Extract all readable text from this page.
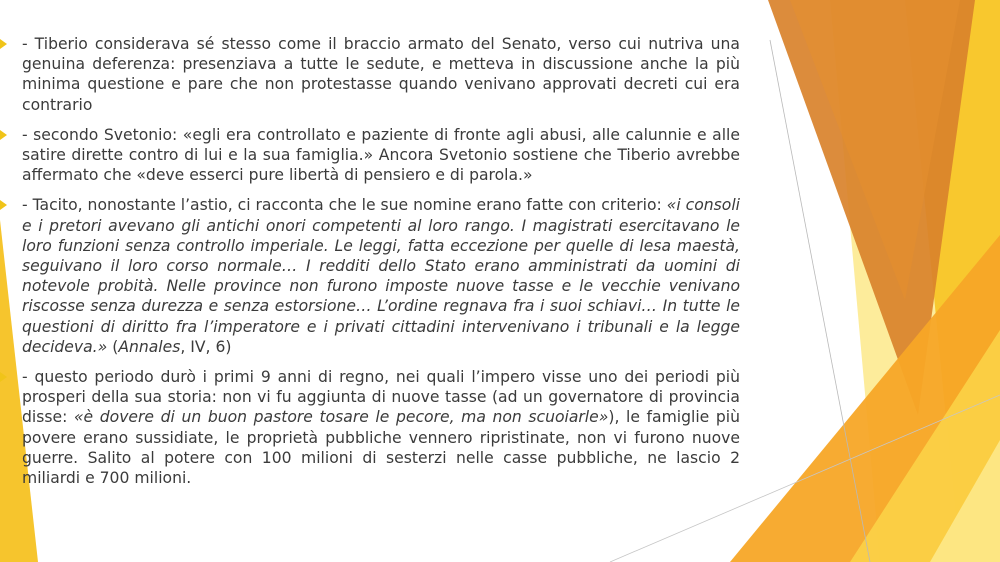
- Tiberio considerava sé stesso come il braccio armato del Senato, verso cui nutriva una genuina deferenza: presenziava a tutte le sedute, e metteva in discussione anche la più minima questione e pare che non protestasse quando venivano approvati decreti cui era contrario

- secondo Svetonio: «egli era controllato e paziente di fronte agli abusi, alle calunnie e alle satire dirette contro di lui e la sua famiglia.» Ancora Svetonio sostiene che Tiberio avrebbe affermato che «deve esserci pure libertà di pensiero e di parola.»

- Tacito, nonostante l’astio, ci racconta che le sue nomine erano fatte con criterio: «i consoli e i pretori avevano gli antichi onori competenti al loro rango. I magistrati esercitavano le loro funzioni senza controllo imperiale. Le leggi, fatta eccezione per quelle di lesa maestà, seguivano il loro corso normale… I redditi dello Stato erano amministrati da uomini di notevole probità. Nelle province non furono imposte nuove tasse e le vecchie venivano riscosse senza durezza e senza estorsione… L’ordine regnava fra i suoi schiavi… In tutte le questioni di diritto fra l’imperatore e i privati cittadini intervenivano i tribunali e la legge decideva.» (Annales, IV, 6)

- questo periodo durò i primi 9 anni di regno, nei quali l’impero visse uno dei periodi più prosperi della sua storia: non vi fu aggiunta di nuove tasse (ad un governatore di provincia disse: «è dovere di un buon pastore tosare le pecore, ma non scuoiarle»), le famiglie più povere erano sussidiate, le proprietà pubbliche vennero ripristinate, non vi furono nuove guerre. Salito al potere con 100 milioni di sesterzi nelle casse pubbliche, ne lascio 2 miliardi e 700 milioni.
